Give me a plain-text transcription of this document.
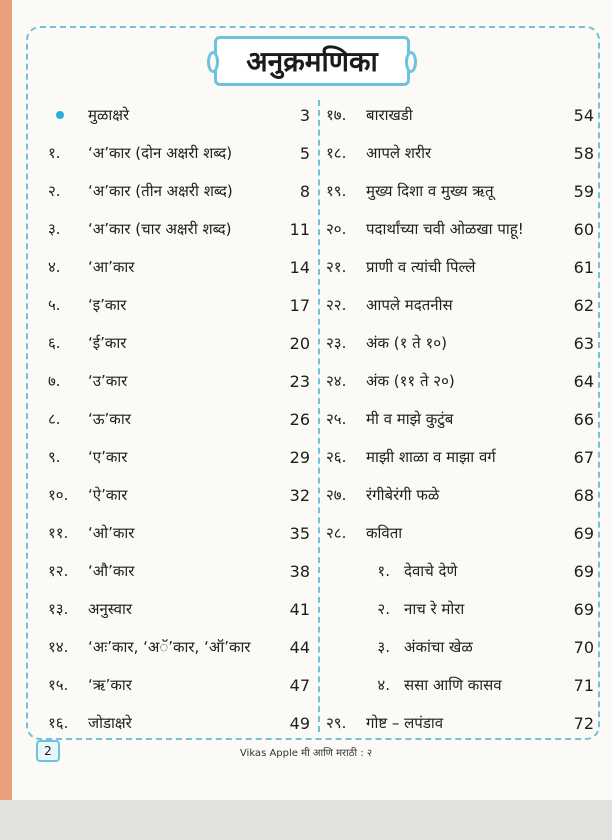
अनुक्रमणिका
मुळाक्षरे	3
१.	‘अ’कार (दोन अक्षरी शब्द)	5
२.	‘अ’कार (तीन अक्षरी शब्द)	8
३.	‘अ’कार (चार अक्षरी शब्द)	11
४.	‘आ’कार	14
५.	‘इ’कार	17
६.	‘ई’कार	20
७.	‘उ’कार	23
८.	‘ऊ’कार	26
९.	‘ए’कार	29
१०.	‘ऐ’कार	32
११.	‘ओ’कार	35
१२.	‘औ’कार	38
१३.	अनुस्वार	41
१४.	‘अः’कार, ‘अॅ’कार, ‘ऑ’कार	44
१५.	‘ऋ’कार	47
१६.	जोडाक्षरे	49
१७.	बाराखडी	54
१८.	आपले शरीर	58
१९.	मुख्य दिशा व मुख्य ऋतू	59
२०.	पदार्थांच्या चवी ओळखा पाहू!	60
२१.	प्राणी व त्यांची पिल्ले	61
२२.	आपले मदतनीस	62
२३.	अंक (१ ते १०)	63
२४.	अंक (११ ते २०)	64
२५.	मी व माझे कुटुंब	66
२६.	माझी शाळा व माझा वर्ग	67
२७.	रंगीबेरंगी फळे	68
२८.	कविता	69
१. देवाचे देणे	69
२. नाच रे मोरा	69
३. अंकांचा खेळ	70
४. ससा आणि कासव	71
२९.	गोष्ट – लपंडाव	72
2	Vikas Apple मी आणि मराठी : २
